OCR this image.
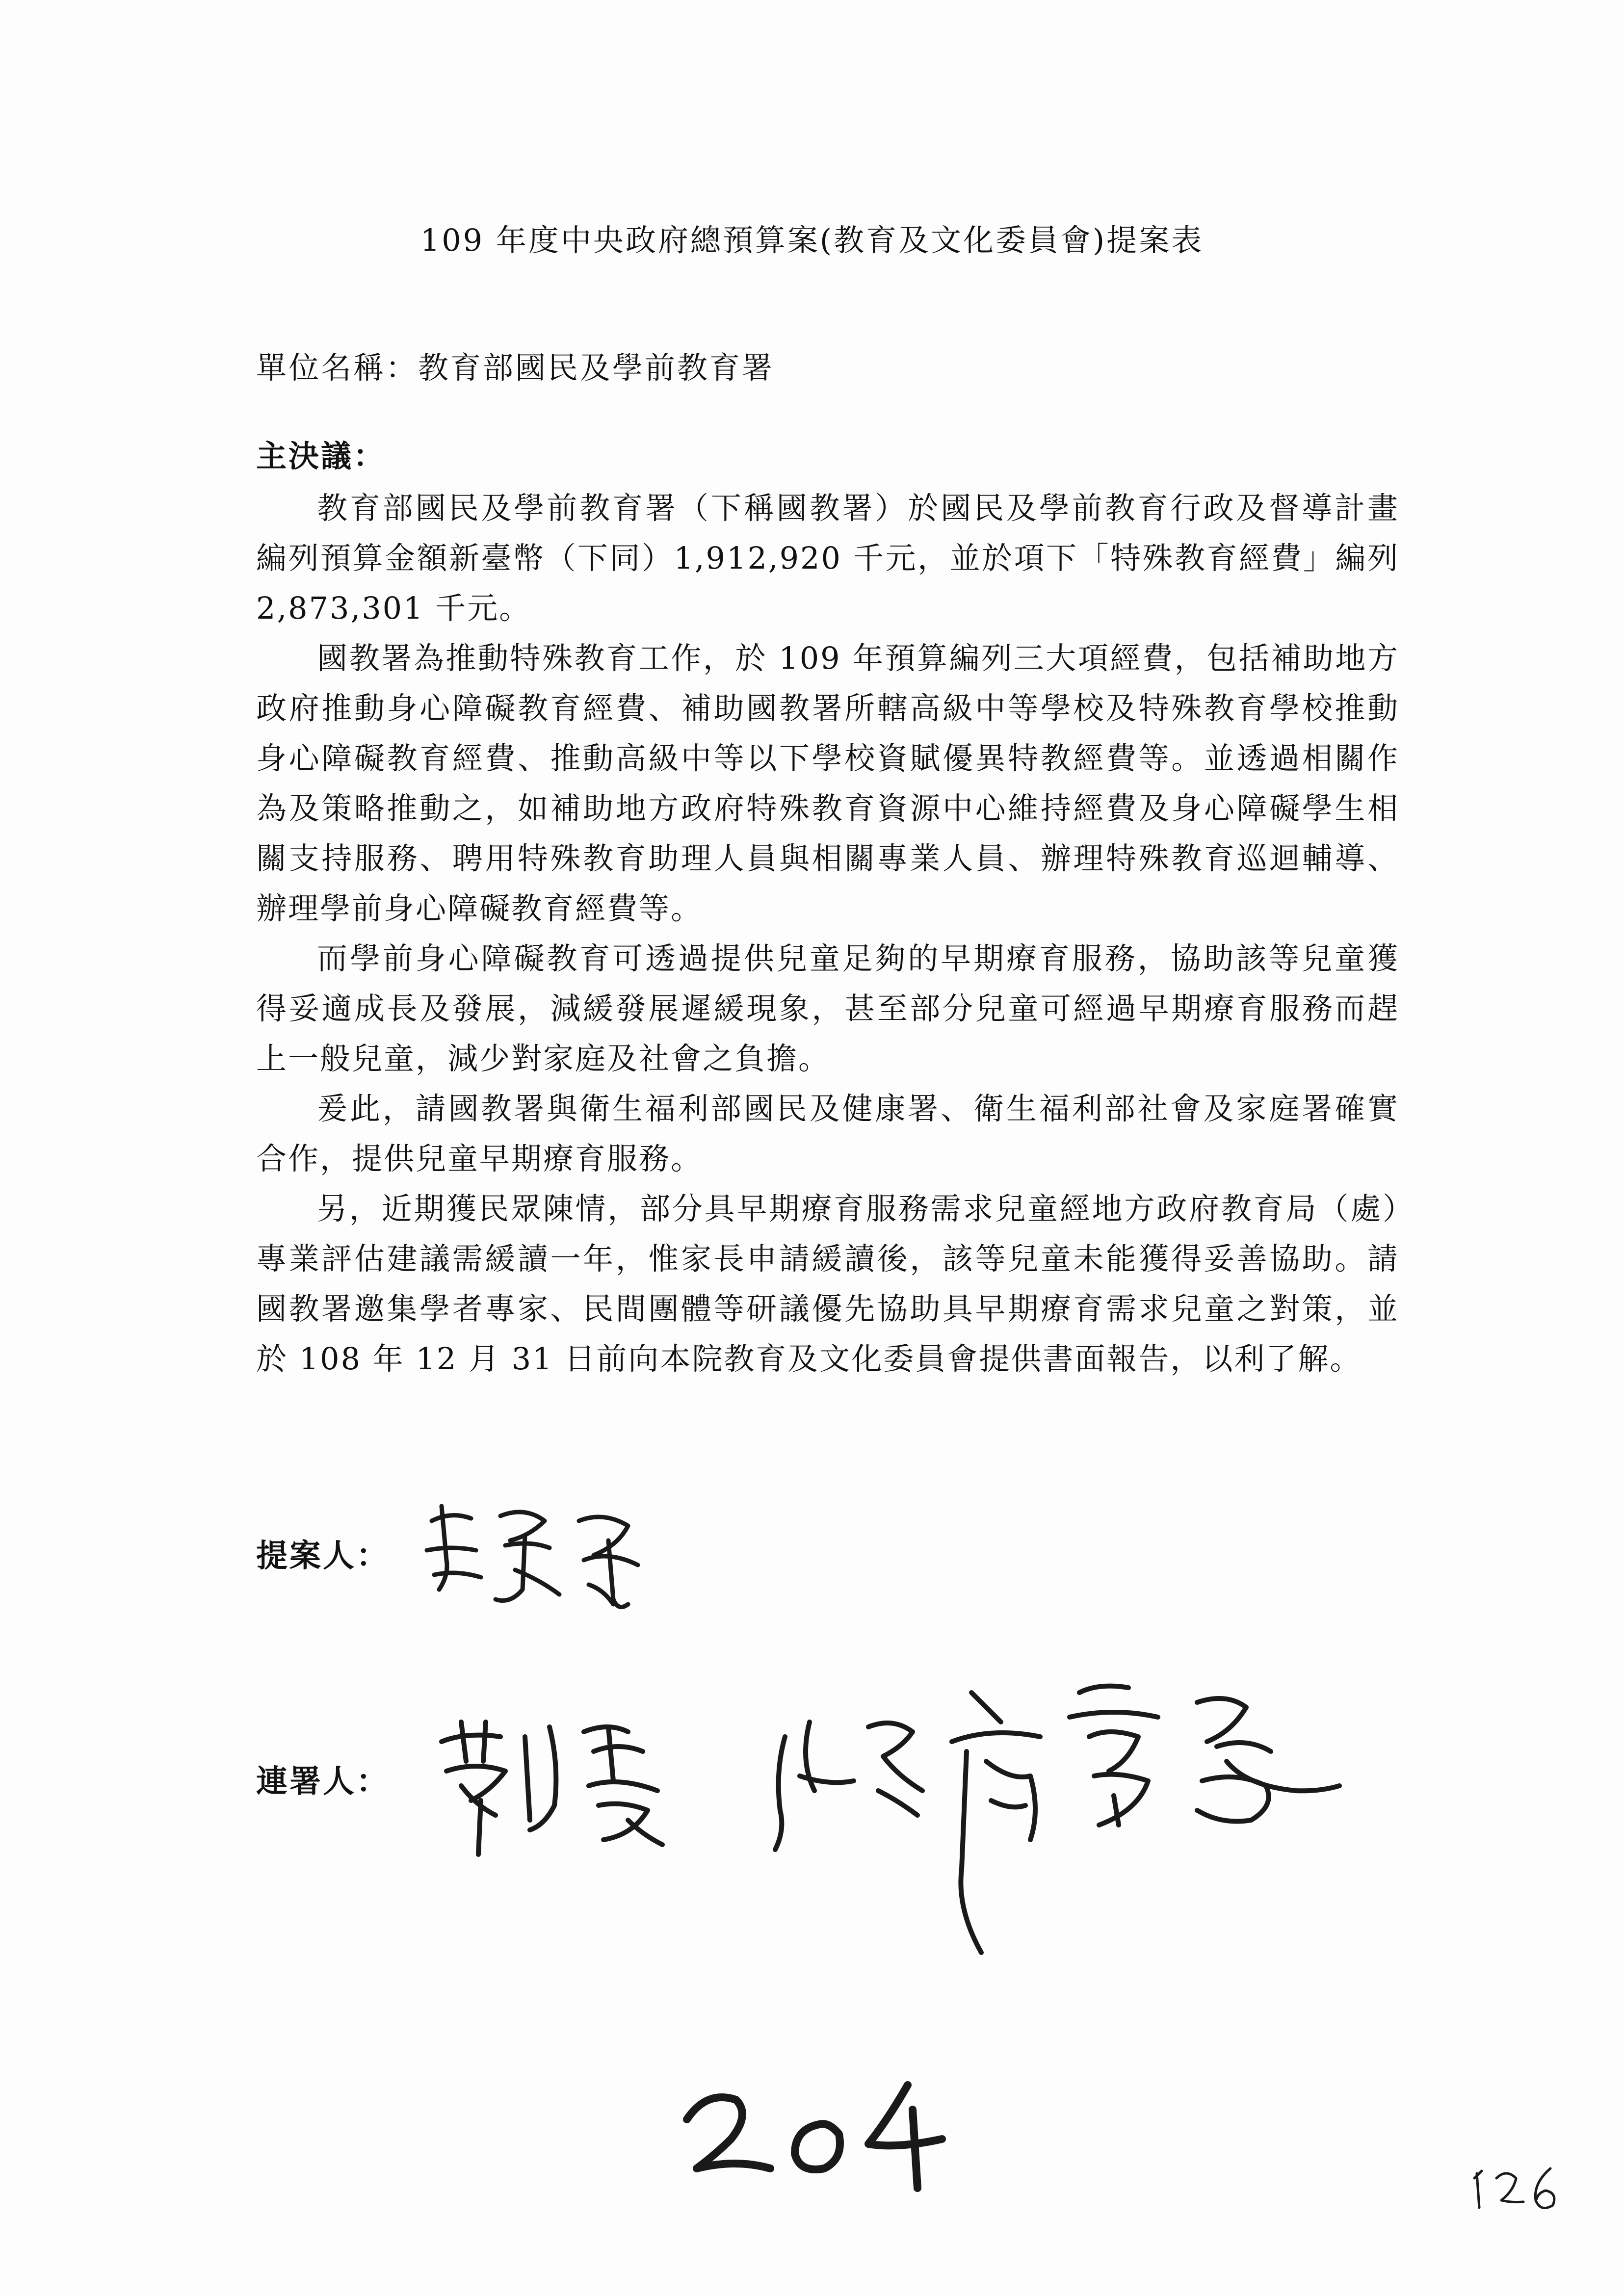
109 年度中央政府總預算案(教育及文化委員會)提案表
單位名稱：教育部國民及學前教育署
主決議：

教育部國民及學前教育署（下稱國教署）於國民及學前教育行政及督導計畫編列預算金額新臺幣（下同）1,912,920 千元，並於項下「特殊教育經費」編列 2,873,301 千元。

國教署為推動特殊教育工作，於 109 年預算編列三大項經費，包括補助地方政府推動身心障礙教育經費、補助國教署所轄高級中等學校及特殊教育學校推動身心障礙教育經費、推動高級中等以下學校資賦優異特教經費等。並透過相關作為及策略推動之，如補助地方政府特殊教育資源中心維持經費及身心障礙學生相關支持服務、聘用特殊教育助理人員與相關專業人員、辦理特殊教育巡迴輔導、辦理學前身心障礙教育經費等。

而學前身心障礙教育可透過提供兒童足夠的早期療育服務，協助該等兒童獲得妥適成長及發展，減緩發展遲緩現象，甚至部分兒童可經過早期療育服務而趕上一般兒童，減少對家庭及社會之負擔。

爰此，請國教署與衛生福利部國民及健康署、衛生福利部社會及家庭署確實合作，提供兒童早期療育服務。

另，近期獲民眾陳情，部分具早期療育服務需求兒童經地方政府教育局（處）專業評估建議需緩讀一年，惟家長申請緩讀後，該等兒童未能獲得妥善協助。請國教署邀集學者專家、民間團體等研議優先協助具早期療育需求兒童之對策，並於 108 年 12 月 31 日前向本院教育及文化委員會提供書面報告，以利了解。

提案人：
連署人：
